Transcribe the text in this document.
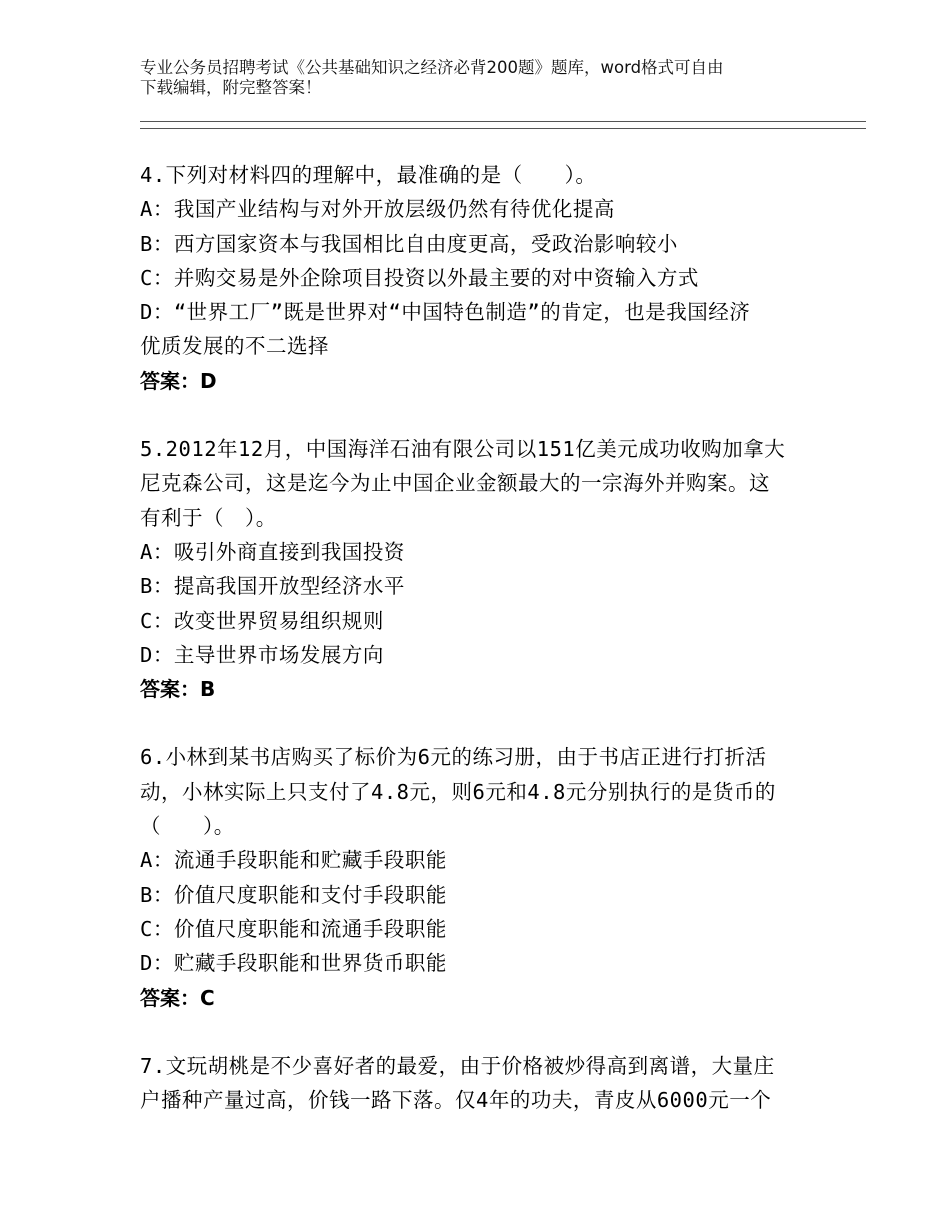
专业公务员招聘考试《公共基础知识之经济必背200题》题库，word格式可自由
下载编辑，附完整答案！
4.下列对材料四的理解中，最准确的是（　　）。
A：我国产业结构与对外开放层级仍然有待优化提高
B：西方国家资本与我国相比自由度更高，受政治影响较小
C：并购交易是外企除项目投资以外最主要的对中资输入方式
D：“世界工厂”既是世界对“中国特色制造”的肯定，也是我国经济
优质发展的不二选择
答案：D
5.2012年12月，中国海洋石油有限公司以151亿美元成功收购加拿大
尼克森公司，这是迄今为止中国企业金额最大的一宗海外并购案。这
有利于（　）。
A：吸引外商直接到我国投资
B：提高我国开放型经济水平
C：改变世界贸易组织规则
D：主导世界市场发展方向
答案：B
6.小林到某书店购买了标价为6元的练习册，由于书店正进行打折活
动，小林实际上只支付了4.8元，则6元和4.8元分别执行的是货币的
（　　）。
A：流通手段职能和贮藏手段职能
B：价值尺度职能和支付手段职能
C：价值尺度职能和流通手段职能
D：贮藏手段职能和世界货币职能
答案：C
7.文玩胡桃是不少喜好者的最爱，由于价格被炒得高到离谱，大量庄
户播种产量过高，价钱一路下落。仅4年的功夫，青皮从6000元一个
